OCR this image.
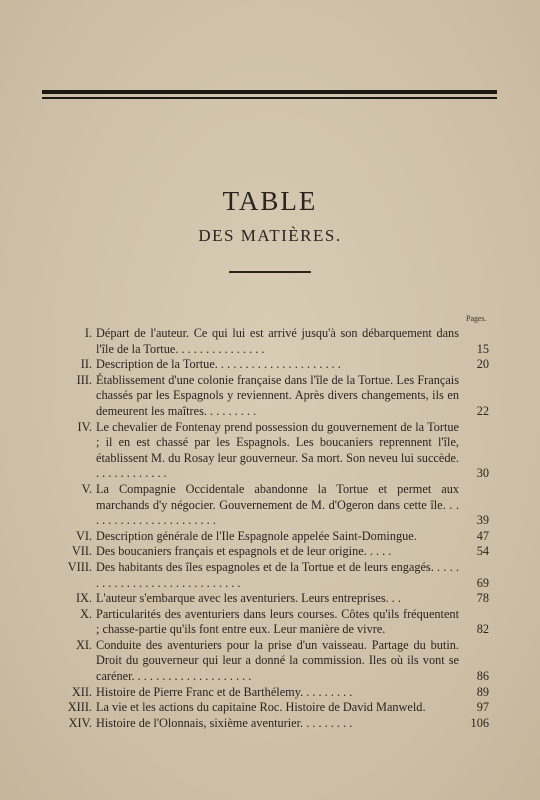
TABLE
DES MATIÈRES.
Pages.
I. Départ de l'auteur. Ce qui lui est arrivé jusqu'à son débarquement dans l'île de la Tortue. . . . . . . . . . . . . . .	15
II. Description de la Tortue. . . . . . . . . . . . . . . . . . . . .	20
III. Établissement d'une colonie française dans l'île de la Tortue. Les Français chassés par les Espagnols y reviennent. Après divers changements, ils en demeurent les maîtres. . . . . . . . .	22
IV. Le chevalier de Fontenay prend possession du gouvernement de la Tortue ; il en est chassé par les Espagnols. Les boucaniers reprennent l'île, établissent M. du Rosay leur gouverneur. Sa mort. Son neveu lui succède. . . . . . . . . . . . .	30
V. La Compagnie Occidentale abandonne la Tortue et permet aux marchands d'y négocier. Gouvernement de M. d'Ogeron dans cette île. . . . . . . . . . . . . . . . . . . . . . .	39
VI. Description générale de l'Ile Espagnole appelée Saint-Domingue.	47
VII. Des boucaniers français et espagnols et de leur origine. . . . .	54
VIII. Des habitants des îles espagnoles et de la Tortue et de leurs engagés. . . . . . . . . . . . . . . . . . . . . . . . . . . . .	69
IX. L'auteur s'embarque avec les aventuriers. Leurs entreprises. . .	78
X. Particularités des aventuriers dans leurs courses. Côtes qu'ils fréquentent ; chasse-partie qu'ils font entre eux. Leur manière de vivre.	82
XI. Conduite des aventuriers pour la prise d'un vaisseau. Partage du butin. Droit du gouverneur qui leur a donné la commission. Iles où ils vont se caréner. . . . . . . . . . . . . . . . . . . .	86
XII. Histoire de Pierre Franc et de Barthélemy. . . . . . . . .	89
XIII. La vie et les actions du capitaine Roc. Histoire de David Manweld.	97
XIV. Histoire de l'Olonnais, sixième aventurier. . . . . . . . .	106
